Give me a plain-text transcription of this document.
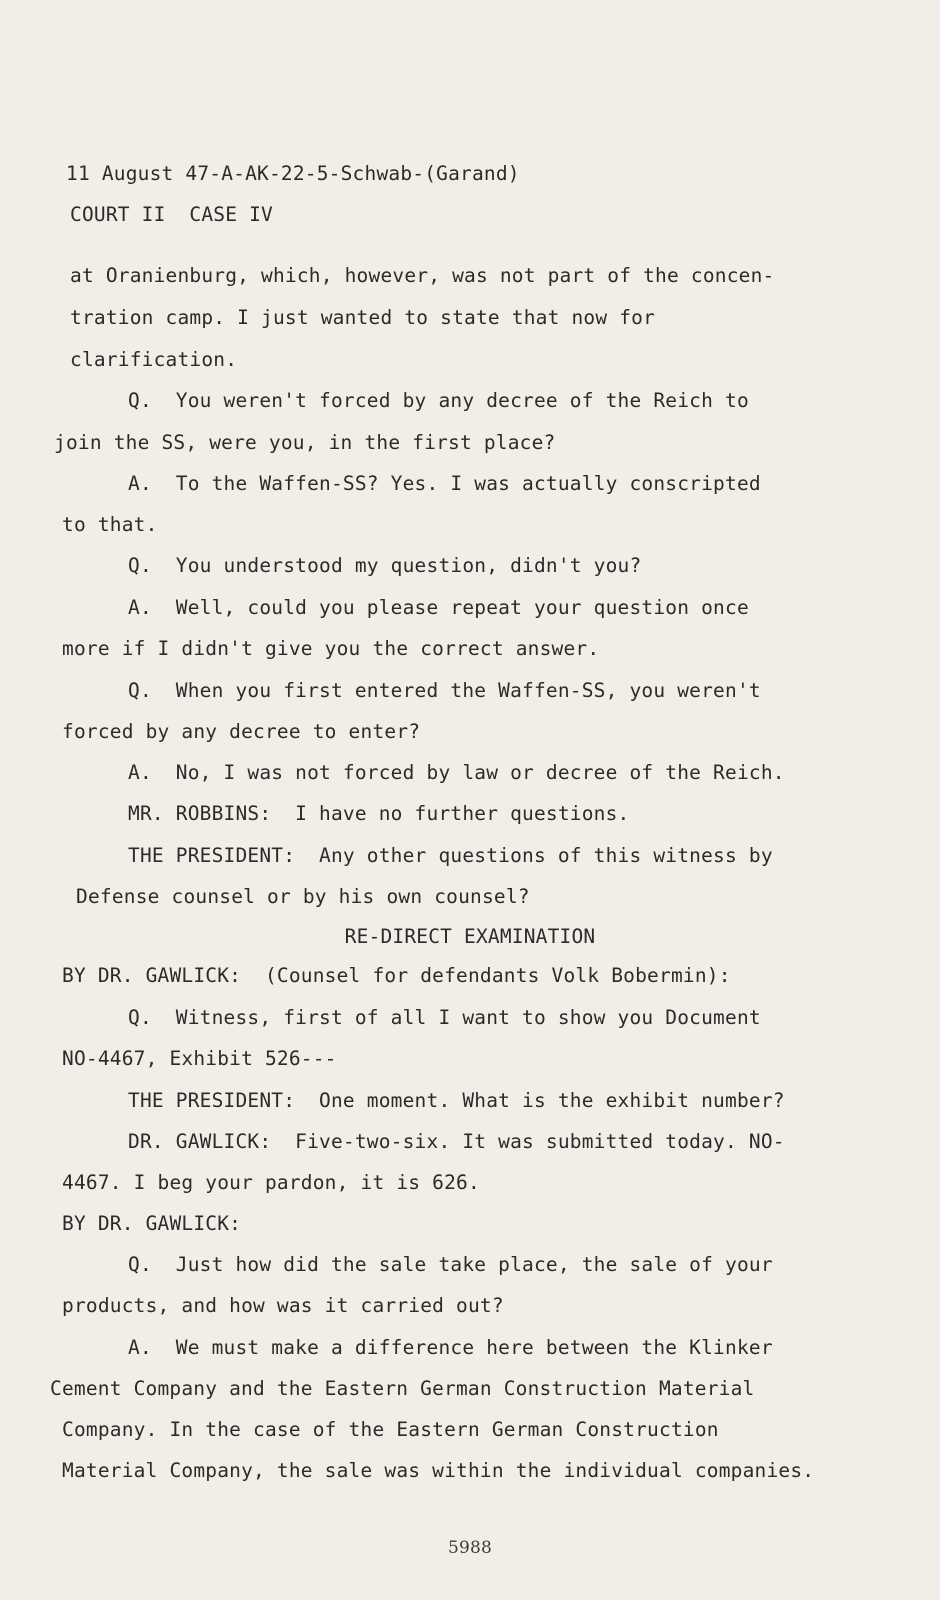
11 August 47-A-AK-22-5-Schwab-(Garand)
COURT II  CASE IV
at Oranienburg, which, however, was not part of the concen-
tration camp. I just wanted to state that now for
clarification.
Q.  You weren't forced by any decree of the Reich to
join the SS, were you, in the first place?
A.  To the Waffen-SS? Yes. I was actually conscripted
to that.
Q.  You understood my question, didn't you?
A.  Well, could you please repeat your question once
more if I didn't give you the correct answer.
Q.  When you first entered the Waffen-SS, you weren't
forced by any decree to enter?
A.  No, I was not forced by law or decree of the Reich.
MR. ROBBINS:  I have no further questions.
THE PRESIDENT:  Any other questions of this witness by
Defense counsel or by his own counsel?
RE-DIRECT EXAMINATION
BY DR. GAWLICK:  (Counsel for defendants Volk Bobermin):
Q.  Witness, first of all I want to show you Document
NO-4467, Exhibit 526---
THE PRESIDENT:  One moment. What is the exhibit number?
DR. GAWLICK:  Five-two-six. It was submitted today. NO-
4467. I beg your pardon, it is 626.
BY DR. GAWLICK:
Q.  Just how did the sale take place, the sale of your
products, and how was it carried out?
A.  We must make a difference here between the Klinker
Cement Company and the Eastern German Construction Material
Company. In the case of the Eastern German Construction
Material Company, the sale was within the individual companies.
5988
